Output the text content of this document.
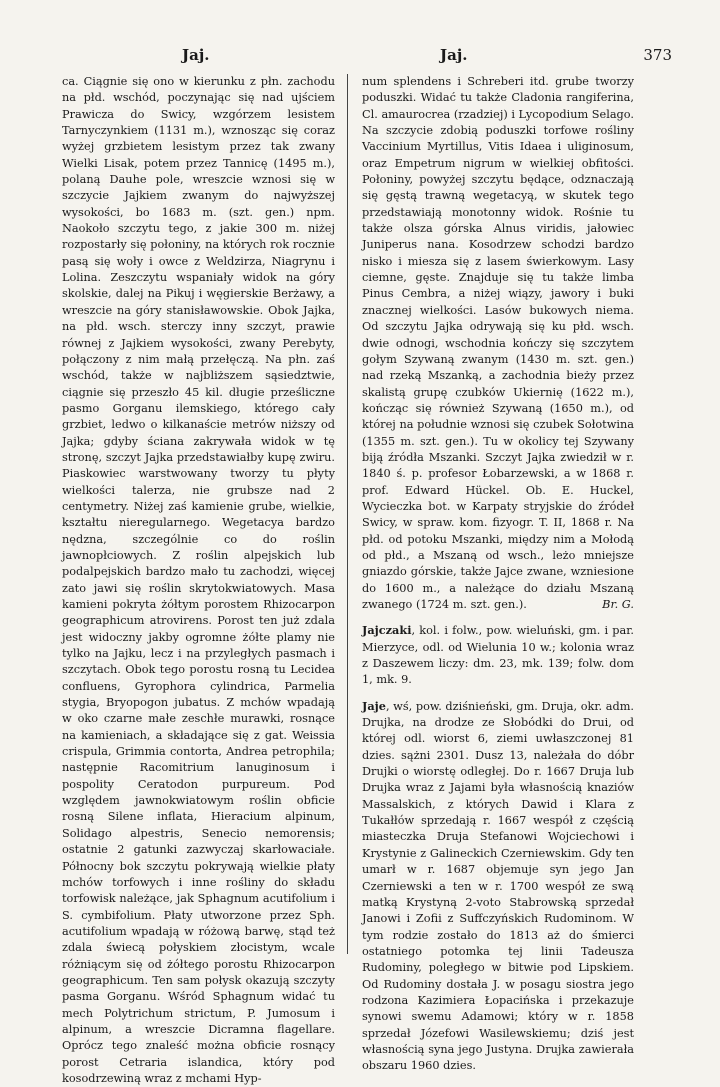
Jaj.	Jaj.	373

ca. Ciągnie się ono w kierunku z płn. zachodu na płd. wschód, poczynając się nad ujściem Prawicza do Swicy, wzgórzem lesistem Tarnyczynkiem (1131 m.), wznosząc się coraz wyżej grzbietem lesistym przez tak zwany Wielki Lisak, potem przez Tannicę (1495 m.), polaną Dauhe pole, wreszcie wznosi się w szczycie Jajkiem zwanym do najwyższej wysokości, bo 1683 m. (szt. gen.) npm. Naokoło szczytu tego, z jakie 300 m. niżej rozpostarły się połoniny, na których rok rocznie pasą się woły i owce z Weldzirza, Niagrynu i Lolina. Zeszczytu wspaniały widok na góry skolskie, dalej na Pikuj i węgierskie Berżawy, a wreszcie na góry stanisławowskie. Obok Jajka, na płd. wsch. sterczy inny szczyt, prawie równej z Jajkiem wysokości, zwany Perebyty, połączony z nim małą przełęczą. Na płn. zaś wschód, także w najbliższem sąsiedztwie, ciągnie się przeszło 45 kil. długie prześliczne pasmo Gorganu ilemskiego, którego cały grzbiet, ledwo o kilkanaście metrów niższy od Jajka; gdyby ściana zakrywała widok w tę stronę, szczyt Jajka przedstawiałby kupę zwiru. Piaskowiec warstwowany tworzy tu płyty wielkości talerza, nie grubsze nad 2 centymetry. Niżej zaś kamienie grube, wielkie, kształtu nieregularnego. Wegetacya bardzo nędzna, szczególnie co do roślin jawnopłciowych. Z roślin alpejskich lub podalpejskich bardzo mało tu zachodzi, więcej zato jawi się roślin skrytokwiatowych. Masa kamieni pokryta żółtym porostem Rhizocarpon geographicum atrovirens. Porost ten już zdala jest widoczny jakby ogromne żółte plamy nie tylko na Jajku, lecz i na przyległych pasmach i szczytach. Obok tego porostu rosną tu Lecidea confluens, Gyrophora cylindrica, Parmelia stygia, Bryopogon jubatus. Z mchów wpadają w oko czarne małe zeschłe murawki, rosnące na kamieniach, a składające się z gat. Weissia crispula, Grimmia contorta, Andrea petrophila; następnie Racomitrium lanuginosum i pospolity Ceratodon purpureum. Pod względem jawnokwiatowym roślin obficie rosną Silene inflata, Hieracium alpinum, Solidago alpestris, Senecio nemorensis; ostatnie 2 gatunki zazwyczaj skarłowaciałe. Północny bok szczytu pokrywają wielkie płaty mchów torfowych i inne rośliny do składu torfowisk należące, jak Sphagnum acutifolium i S. cymbifolium. Płaty utworzone przez Sph. acutifolium wpadają w różową barwę, stąd też zdala świecą połyskiem złocistym, wcale różniącym się od żółtego porostu Rhizocarpon geographicum. Ten sam połysk okazują szczyty pasma Gorganu. Wśród Sphagnum widać tu mech Polytrichum strictum, P. Jumosum i alpinum, a wreszcie Dicramna flagellare. Oprócz tego znaleść można obficie rosnący porost Cetraria islandica, który pod kosodrzewiną wraz z mchami Hyp-

num splendens i Schreberi itd. grube tworzy poduszki. Widać tu także Cladonia rangiferina, Cl. amaurocrea (rzadziej) i Lycopodium Selago. Na szczycie zdobią poduszki torfowe rośliny Vaccinium Myrtillus, Vitis Idaea i uliginosum, oraz Empetrum nigrum w wielkiej obfitości. Połoniny, powyżej szczytu będące, odznaczają się gęstą trawną wegetacyą, w skutek tego przedstawiają monotonny widok. Rośnie tu także olsza górska Alnus viridis, jałowiec Juniperus nana. Kosodrzew schodzi bardzo nisko i miesza się z lasem świerkowym. Lasy ciemne, gęste. Znajduje się tu także limba Pinus Cembra, a niżej wiązy, jawory i buki znacznej wielkości. Lasów bukowych niema. Od szczytu Jajka odrywają się ku płd. wsch. dwie odnogi, wschodnia kończy się szczytem gołym Szywaną zwanym (1430 m. szt. gen.) nad rzeką Mszanką, a zachodnia bieży przez skalistą grupę czubków Ukiernię (1622 m.), kończąc się również Szywaną (1650 m.), od której na południe wznosi się czubek Sołotwina (1355 m. szt. gen.). Tu w okolicy tej Szywany biją źródła Mszanki. Szczyt Jajka zwiedził w r. 1840 ś. p. profesor Łobarzewski, a w 1868 r. prof. Edward Hückel. Ob. E. Huckel, Wycieczka bot. w Karpaty stryjskie do źródeł Swicy, w spraw. kom. fizyogr. T. II, 1868 r. Na płd. od potoku Mszanki, między nim a Mołodą od płd., a Mszaną od wsch., leżo mniejsze gniazdo górskie, także Jajce zwane, wzniesione do 1600 m., a należące do działu Mszaną zwanego (1724 m. szt. gen.).	Br. G.

Jajczaki, kol. i folw., pow. wieluński, gm. i par. Mierzyce, odl. od Wielunia 10 w.; kolonia wraz z Daszewem liczy: dm. 23, mk. 139; folw. dom 1, mk. 9.

Jaje, wś, pow. dziśnieński, gm. Druja, okr. adm. Drujka, na drodze ze Słobódki do Drui, od której odl. wiorst 6, ziemi uwłaszczonej 81 dzies. sążni 2301. Dusz 13, należała do dóbr Drujki o wiorstę odległej. Do r. 1667 Druja lub Drujka wraz z Jajami była własnością knaziów Massalskich, z których Dawid i Klara z Tukałłów sprzedają r. 1667 wespół z częścią miasteczka Druja Stefanowi Wojciechowi i Krystynie z Galineckich Czerniewskim. Gdy ten umarł w r. 1687 objemuje syn jego Jan Czerniewski a ten w r. 1700 wespół ze swą matką Krystyną 2-voto Stabrowską sprzedał Janowi i Zofii z Suffczyńskich Rudominom. W tym rodzie zostało do 1813 aż do śmierci ostatniego potomka tej linii Tadeusza Rudominy, poległego w bitwie pod Lipskiem. Od Rudominy dostała J. w posagu siostra jego rodzona Kazimiera Łopacińska i przekazuje synowi swemu Adamowi; który w r. 1858 sprzedał Józefowi Wasilewskiemu; dziś jest własnością syna jego Justyna. Drujka zawierała obszaru 1960 dzies.
